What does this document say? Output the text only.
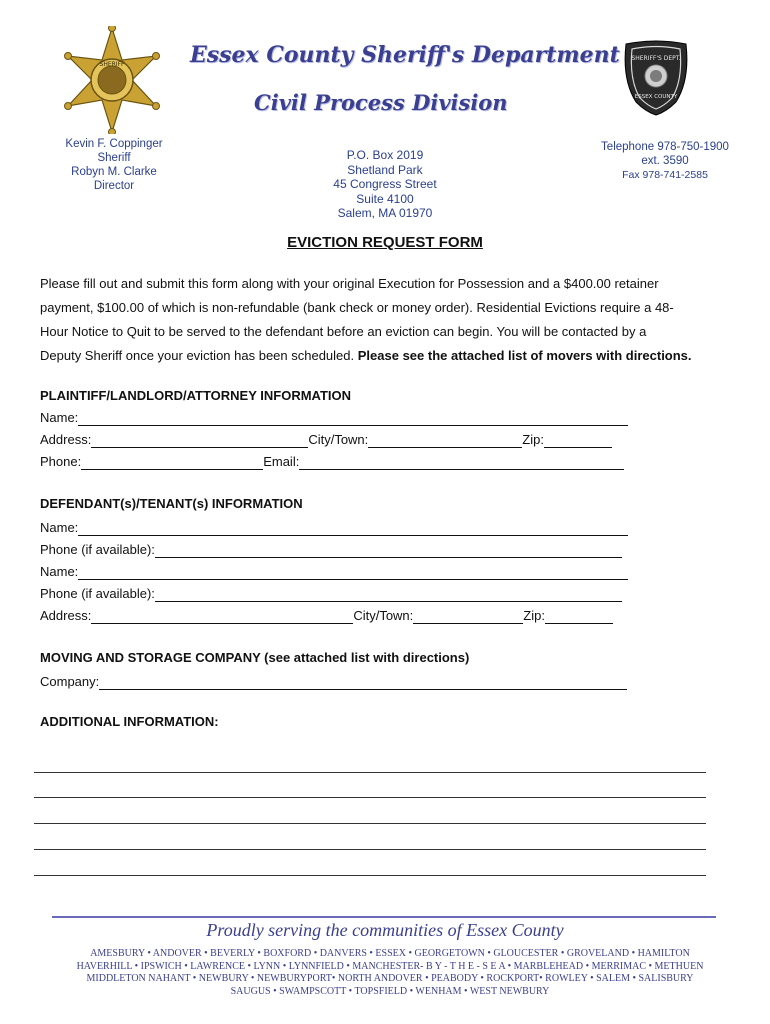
SHERIFF
SHERIFF'S DEPT.
ESSEX COUNTY
Essex County Sheriff's Department
Civil Process Division
Kevin F. Coppinger
Sheriff
Robyn M. Clarke
Director
P.O. Box 2019
Shetland Park
45 Congress Street
Suite 4100
Salem, MA 01970
Telephone 978-750-1900
ext. 3590
Fax 978-741-2585
EVICTION REQUEST FORM
Please fill out and submit this form along with your original Execution for Possession and a $400.00 retainer
payment, $100.00 of which is non-refundable (bank check or money order). Residential Evictions require a 48-
Hour Notice to Quit to be served to the defendant before an eviction can begin. You will be contacted by a
Deputy Sheriff once your eviction has been scheduled. Please see the attached list of movers with directions.
PLAINTIFF/LANDLORD/ATTORNEY INFORMATION
Name:
Address:	City/Town:	Zip:
Phone:	Email:
DEFENDANT(s)/TENANT(s) INFORMATION
Name:
Phone (if available):
Name:
Phone (if available):
Address:	City/Town:	Zip:
MOVING AND STORAGE COMPANY (see attached list with directions)
Company:
ADDITIONAL INFORMATION:
Proudly serving the communities of Essex County
AMESBURY • ANDOVER • BEVERLY • BOXFORD • DANVERS • ESSEX • GEORGETOWN • GLOUCESTER • GROVELAND • HAMILTON
HAVERHILL • IPSWICH • LAWRENCE • LYNN • LYNNFIELD • MANCHESTER- B Y - T H E - S E A • MARBLEHEAD • MERRIMAC • METHUEN
MIDDLETON NAHANT • NEWBURY • NEWBURYPORT• NORTH ANDOVER • PEABODY • ROCKPORT• ROWLEY • SALEM • SALISBURY
SAUGUS • SWAMPSCOTT • TOPSFIELD • WENHAM • WEST NEWBURY
